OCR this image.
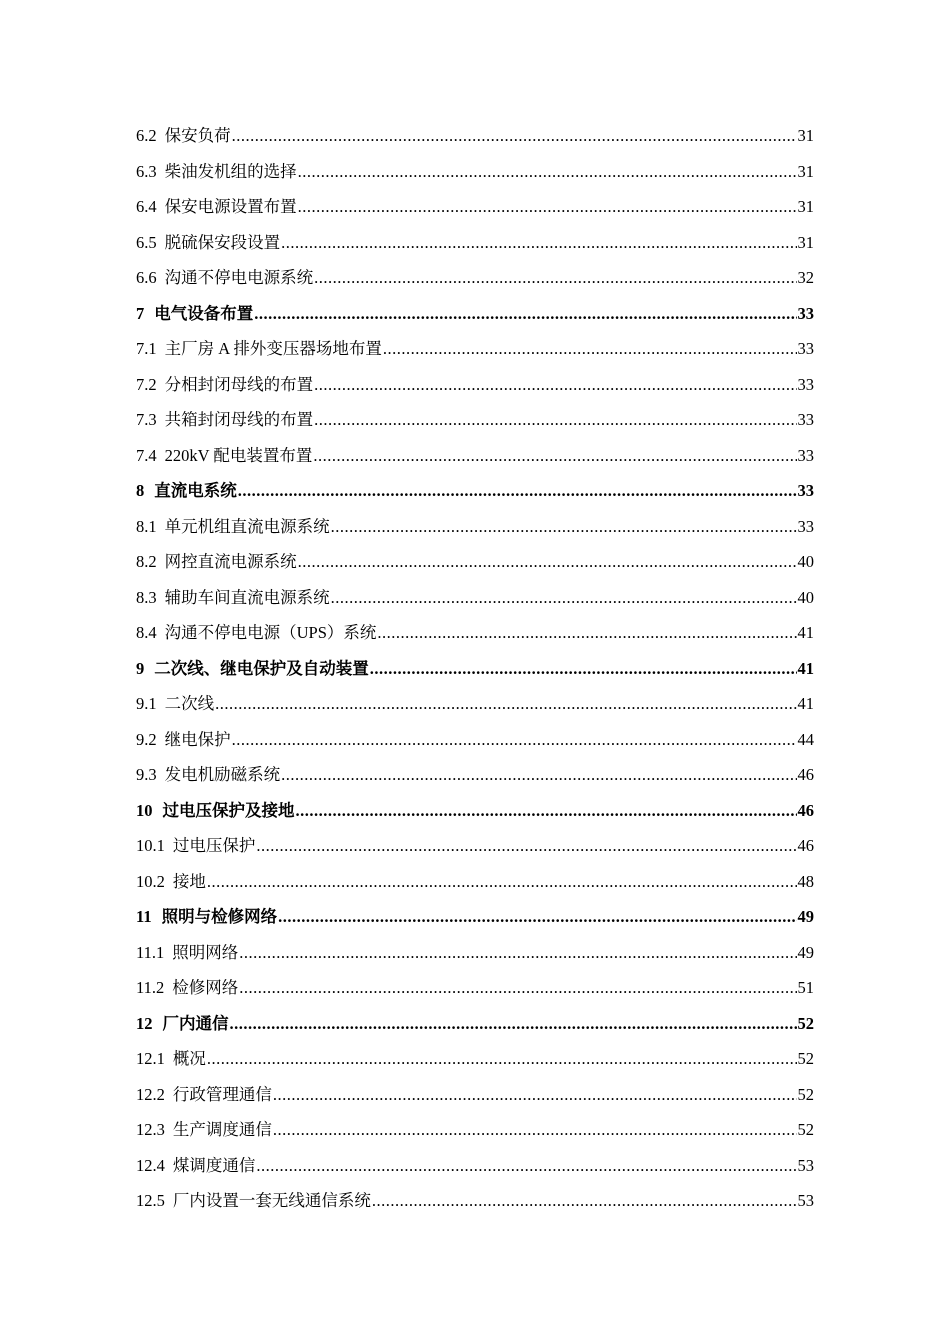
6.2 保安负荷 .....	31
6.3 柴油发机组的选择 .....	31
6.4 保安电源设置布置 .....	31
6.5 脱硫保安段设置 .....	31
6.6 沟通不停电电源系统 .....	32
7 电气设备布置 .....	33
7.1 主厂房 A 排外变压器场地布置 .....	33
7.2 分相封闭母线的布置 .....	33
7.3 共箱封闭母线的布置 .....	33
7.4 220kV 配电装置布置 .....	33
8 直流电系统 .....	33
8.1 单元机组直流电源系统 .....	33
8.2 网控直流电源系统 .....	40
8.3 辅助车间直流电源系统 .....	40
8.4 沟通不停电电源（UPS）系统 .....	41
9 二次线、继电保护及自动装置 .....	41
9.1 二次线 .....	41
9.2 继电保护 .....	44
9.3 发电机励磁系统 .....	46
10 过电压保护及接地 .....	46
10.1 过电压保护 .....	46
10.2 接地 .....	48
11 照明与检修网络 .....	49
11.1 照明网络 .....	49
11.2 检修网络 .....	51
12 厂内通信 .....	52
12.1 概况 .....	52
12.2 行政管理通信 .....	52
12.3 生产调度通信 .....	52
12.4 煤调度通信 .....	53
12.5 厂内设置一套无线通信系统 .....	53
